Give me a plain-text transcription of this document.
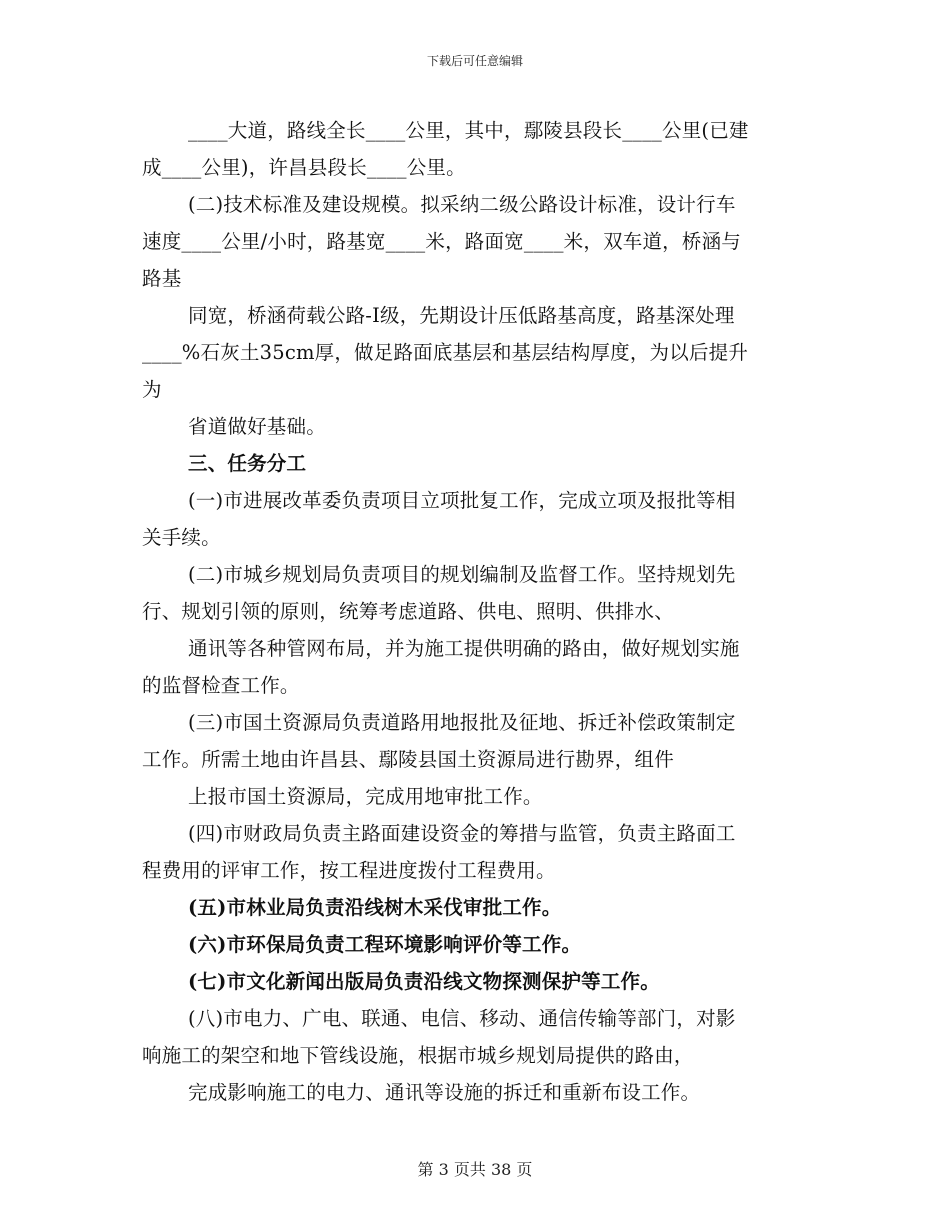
下载后可任意编辑
____大道，路线全长____公里，其中，鄢陵县段长____公里(已建
成____公里)，许昌县段长____公里。
(二)技术标准及建设规模。拟采纳二级公路设计标准，设计行车
速度____公里/小时，路基宽____米，路面宽____米，双车道，桥涵与
路基
同宽，桥涵荷载公路-Ⅰ级，先期设计压低路基高度，路基深处理
____%石灰土35cm厚，做足路面底基层和基层结构厚度，为以后提升
为
省道做好基础。
三、任务分工
(一)市进展改革委负责项目立项批复工作，完成立项及报批等相
关手续。
(二)市城乡规划局负责项目的规划编制及监督工作。坚持规划先
行、规划引领的原则，统筹考虑道路、供电、照明、供排水、
通讯等各种管网布局，并为施工提供明确的路由，做好规划实施
的监督检查工作。
(三)市国土资源局负责道路用地报批及征地、拆迁补偿政策制定
工作。所需土地由许昌县、鄢陵县国土资源局进行勘界，组件
上报市国土资源局，完成用地审批工作。
(四)市财政局负责主路面建设资金的筹措与监管，负责主路面工
程费用的评审工作，按工程进度拨付工程费用。
(五)市林业局负责沿线树木采伐审批工作。
(六)市环保局负责工程环境影响评价等工作。
(七)市文化新闻出版局负责沿线文物探测保护等工作。
(八)市电力、广电、联通、电信、移动、通信传输等部门，对影
响施工的架空和地下管线设施，根据市城乡规划局提供的路由，
完成影响施工的电力、通讯等设施的拆迁和重新布设工作。
第 3 页共 38 页
